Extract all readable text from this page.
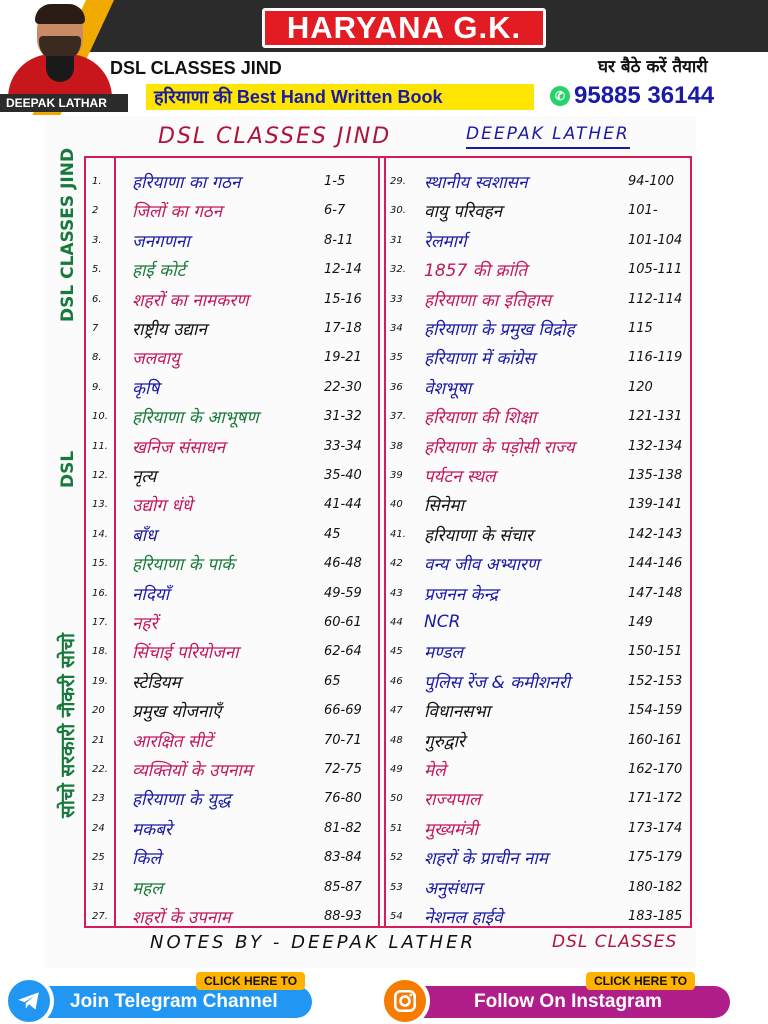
HARYANA G.K.
DEEPAK LATHAR
DSL CLASSES JIND	घर बैठे करें तैयारी
हरियाणा की Best Hand Written Book	✆ 95885 36144
DSL CLASSES JIND	DEEPAK LATHER
DSL CLASSES JIND
DSL
सोचो सरकारी नौकरी सोचो
1. हरियाणा का गठन	1-5
2 जिलों का गठन	6-7
3. जनगणना	8-11
5. हाई कोर्ट	12-14
6. शहरों का नामकरण	15-16
7 राष्ट्रीय उद्यान	17-18
8. जलवायु	19-21
9. कृषि	22-30
10. हरियाणा के आभूषण	31-32
11. खनिज संसाधन	33-34
12. नृत्य	35-40
13. उद्योग धंधे	41-44
14. बाँध	45
15. हरियाणा के पार्क	46-48
16. नदियाँ	49-59
17. नहरें	60-61
18. सिंचाई परियोजना	62-64
19. स्टेडियम	65
20 प्रमुख योजनाएँ	66-69
21 आरक्षित सीटें	70-71
22. व्यक्तियों के उपनाम	72-75
23 हरियाणा के युद्ध	76-80
24 मकबरे	81-82
25 किले	83-84
31 महल	85-87
27. शहरों के उपनाम	88-93
29. स्थानीय स्वशासन	94-100
30. वायु परिवहन	101-
31 रेलमार्ग	101-104
32. 1857 की क्रांति	105-111
33 हरियाणा का इतिहास	112-114
34 हरियाणा के प्रमुख विद्रोह	115
35 हरियाणा में कांग्रेस	116-119
36 वेशभूषा	120
37. हरियाणा की शिक्षा	121-131
38 हरियाणा के पड़ोसी राज्य	132-134
39 पर्यटन स्थल	135-138
40 सिनेमा	139-141
41. हरियाणा के संचार	142-143
42 वन्य जीव अभ्यारण	144-146
43 प्रजनन केन्द्र	147-148
44 NCR	149
45 मण्डल	150-151
46 पुलिस रेंज & कमीशनरी	152-153
47 विधानसभा	154-159
48 गुरुद्वारे	160-161
49 मेले	162-170
50 राज्यपाल	171-172
51 मुख्यमंत्री	173-174
52 शहरों के प्राचीन नाम	175-179
53 अनुसंधान	180-182
54 नेशनल हाईवे	183-185
NOTES BY - DEEPAK LATHER	DSL CLASSES
Join Telegram Channel
CLICK HERE TO
Follow On Instagram
CLICK HERE TO
